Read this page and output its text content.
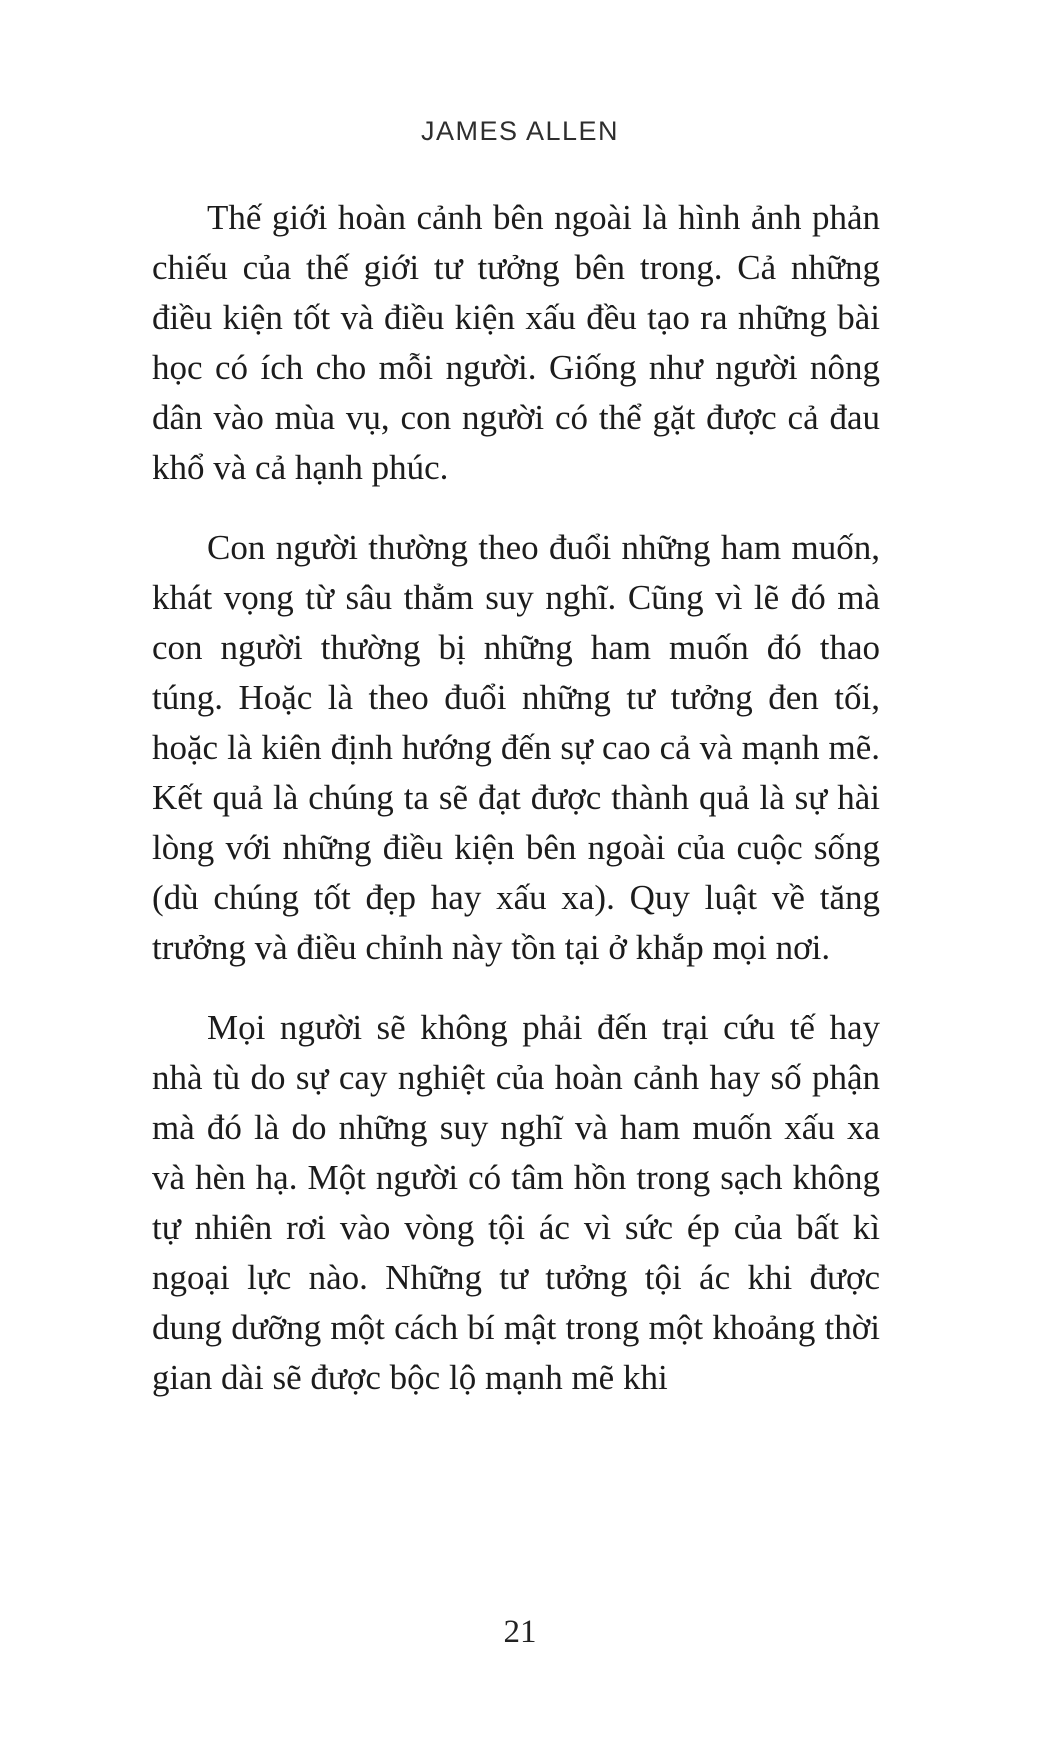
JAMES ALLEN

Thế giới hoàn cảnh bên ngoài là hình ảnh phản chiếu của thế giới tư tưởng bên trong. Cả những điều kiện tốt và điều kiện xấu đều tạo ra những bài học có ích cho mỗi người. Giống như người nông dân vào mùa vụ, con người có thể gặt được cả đau khổ và cả hạnh phúc.

Con người thường theo đuổi những ham muốn, khát vọng từ sâu thẳm suy nghĩ. Cũng vì lẽ đó mà con người thường bị những ham muốn đó thao túng. Hoặc là theo đuổi những tư tưởng đen tối, hoặc là kiên định hướng đến sự cao cả và mạnh mẽ. Kết quả là chúng ta sẽ đạt được thành quả là sự hài lòng với những điều kiện bên ngoài của cuộc sống (dù chúng tốt đẹp hay xấu xa). Quy luật về tăng trưởng và điều chỉnh này tồn tại ở khắp mọi nơi.

Mọi người sẽ không phải đến trại cứu tế hay nhà tù do sự cay nghiệt của hoàn cảnh hay số phận mà đó là do những suy nghĩ và ham muốn xấu xa và hèn hạ. Một người có tâm hồn trong sạch không tự nhiên rơi vào vòng tội ác vì sức ép của bất kì ngoại lực nào. Những tư tưởng tội ác khi được dung dưỡng một cách bí mật trong một khoảng thời gian dài sẽ được bộc lộ mạnh mẽ khi

21
